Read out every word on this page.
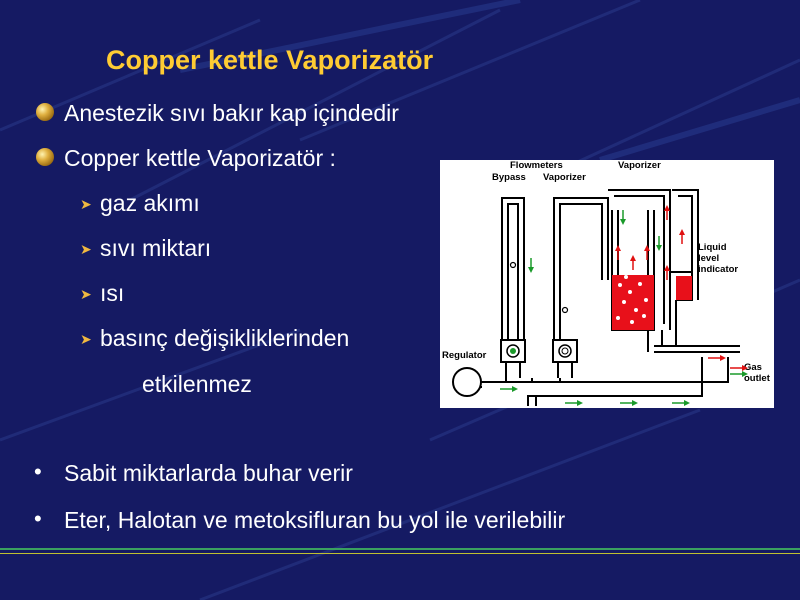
Copper kettle Vaporizatör
Anestezik sıvı bakır kap içindedir
Copper kettle Vaporizatör :
➤ gaz akımı
➤ sıvı miktarı
➤ ısı
➤ basınç değişikliklerinden
etkilenmez
• Sabit miktarlarda buhar verir
• Eter, Halotan ve metoksifluran bu yol ile verilebilir
Flowmeters
Bypass Vaporizer
Vaporizer
Liquid
level
indicator
Regulator
Gas
outlet
